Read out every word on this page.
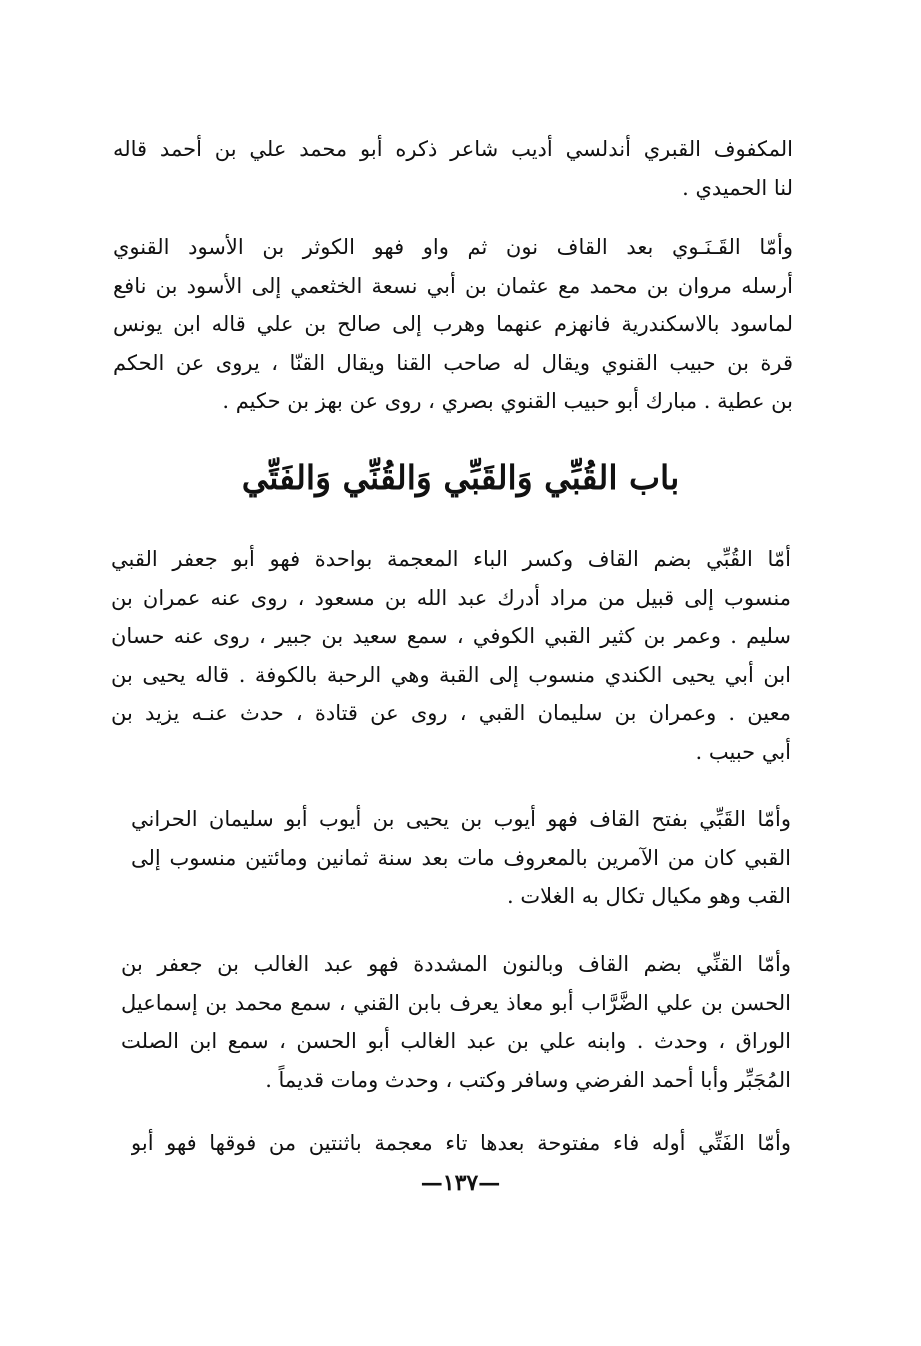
المكفوف القبري أندلسي أديب شاعر ذكره أبو محمد علي بن أحمد قاله
لنا الحميدي .
وأمّا القَـنَـوي بعد القاف نون ثم واو فهو الكوثر بن الأسود القنوي
أرسله مروان بن محمد مع عثمان بن أبي نسعة الخثعمي إلى الأسود بن نافع
لماسود بالاسكندرية فانهزم عنهما وهرب إلى صالح بن علي قاله ابن يونس
قرة بن حبيب القنوي ويقال له صاحب القنا ويقال القنّا ، يروى عن الحكم
بن عطية . مبارك أبو حبيب القنوي بصري ، روى عن بهز بن حكيم .
باب القُبِّي وَالقَبِّي وَالقُنِّي وَالفَتِّي
أمّا القُبِّي بضم القاف وكسر الباء المعجمة بواحدة فهو أبو جعفر القبي
منسوب إلى قبيل من مراد أدرك عبد الله بن مسعود ، روى عنه عمران بن
سليم . وعمر بن كثير القبي الكوفي ، سمع سعيد بن جبير ، روى عنه حسان
ابن أبي يحيى الكندي منسوب إلى القبة وهي الرحبة بالكوفة . قاله يحيى بن
معين . وعمران بن سليمان القبي ، روى عن قتادة ، حدث عنـه يزيد بن
أبي حبيب .
وأمّا القَبِّي بفتح القاف فهو أيوب بن يحيى بن أيوب أبو سليمان الحراني
القبي كان من الآمرين بالمعروف مات بعد سنة ثمانين ومائتين منسوب إلى
القب وهو مكيال تكال به الغلات .
وأمّا القنِّي بضم القاف وبالنون المشددة فهو عبد الغالب بن جعفر بن
الحسن بن علي الضَّرَّاب أبو معاذ يعرف بابن القني ، سمع محمد بن إسماعيل
الوراق ، وحدث . وابنه علي بن عبد الغالب أبو الحسن ، سمع ابن الصلت
المُجَبِّر وأبا أحمد الفرضي وسافر وكتب ، وحدث ومات قديماً .
وأمّا الفَتِّي أوله فاء مفتوحة بعدها تاء معجمة باثنتين من فوقها فهو أبو
—١٣٧—
